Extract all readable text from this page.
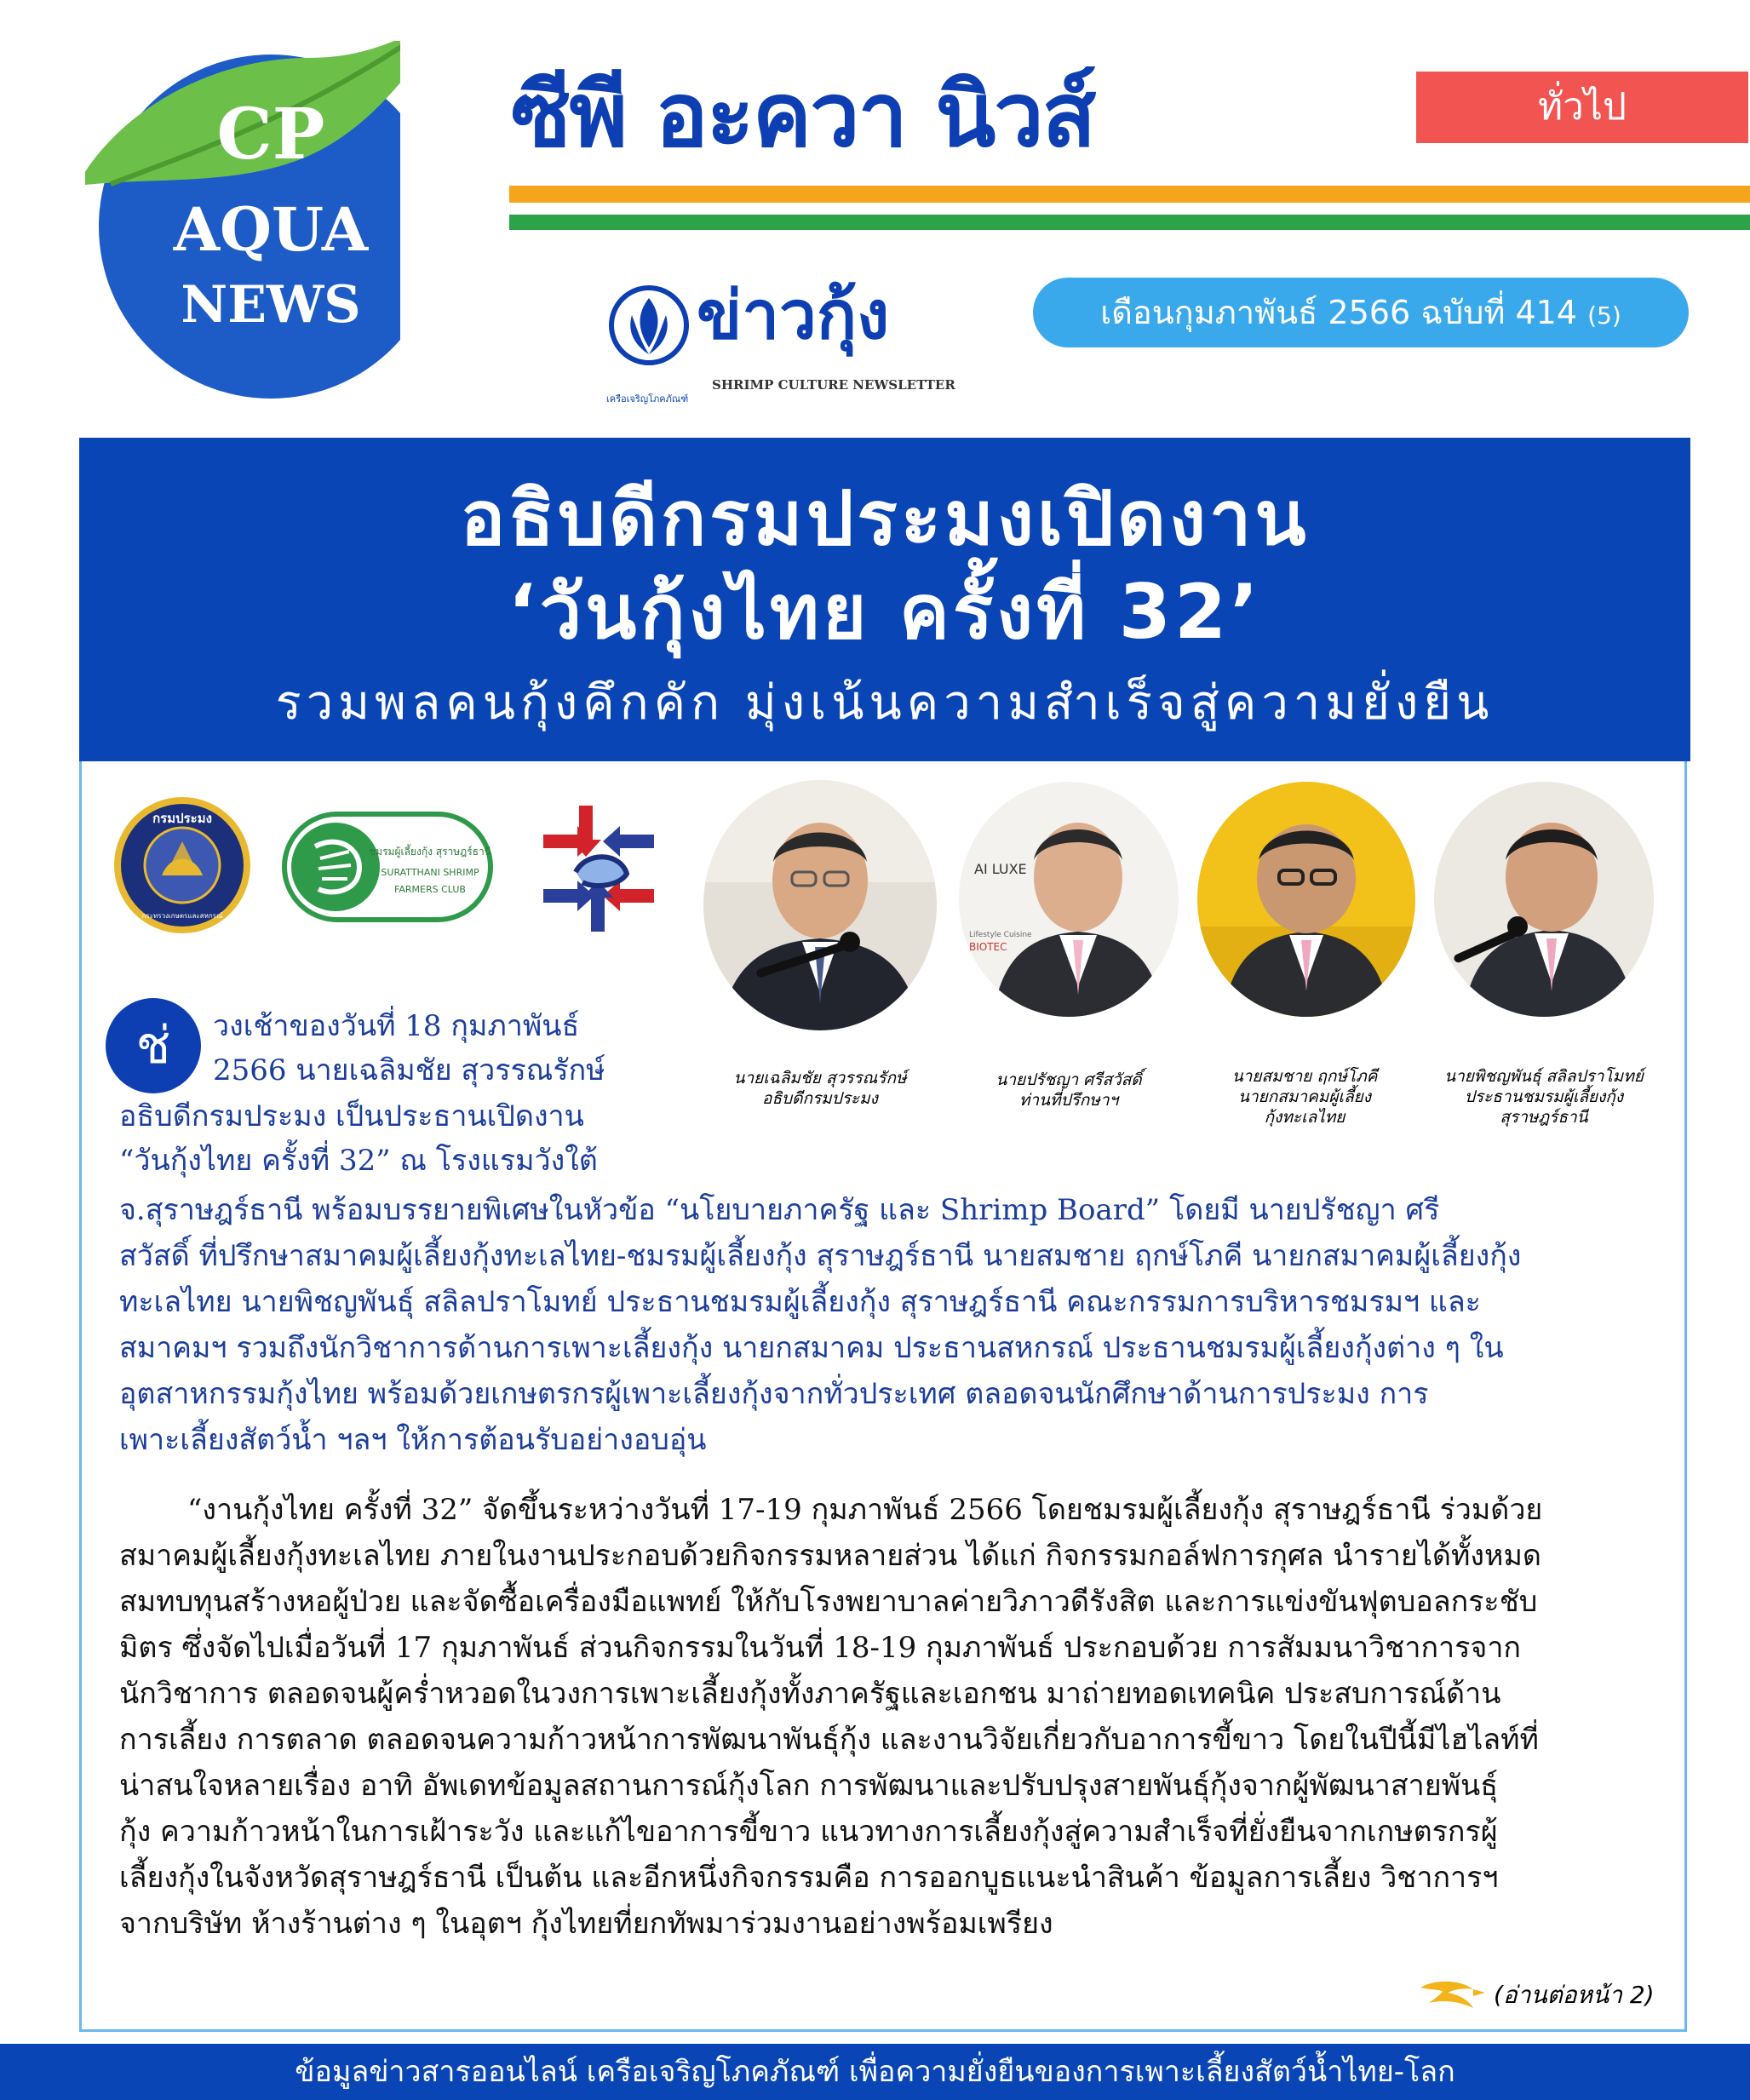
CP
AQUA
NEWS
ซีพี อะควา นิวส์	ทั่วไป
เครือเจริญโภคภัณฑ์
ข่าวกุ้ง
SHRIMP CULTURE NEWSLETTER
เดือนกุมภาพันธ์ 2566 ฉบับที่ 414 (5)
อธิบดีกรมประมงเปิดงาน
‘วันกุ้งไทย ครั้งที่ 32’
รวมพลคนกุ้งคึกคัก มุ่งเน้นความสำเร็จสู่ความยั่งยืน
กรมประมง
กระทรวงเกษตรและสหกรณ์
ชมรมผู้เลี้ยงกุ้ง สุราษฎร์ธานี
SURATTHANI SHRIMP
FARMERS CLUB
AI LUXE
Lifestyle Cuisine
BIOTEC
นายเฉลิมชัย สุวรรณรักษ์
อธิบดีกรมประมง
นายปรัชญา ศรีสวัสดิ์
ท่านที่ปรึกษาฯ
นายสมชาย ฤกษ์โภคี
นายกสมาคมผู้เลี้ยง
กุ้งทะเลไทย
นายพิชญพันธุ์ สลิลปราโมทย์
ประธานชมรมผู้เลี้ยงกุ้ง
สุราษฎร์ธานี
ช่	วงเช้าของวันที่ 18 กุมภาพันธ์
2566 นายเฉลิมชัย สุวรรณรักษ์
อธิบดีกรมประมง เป็นประธานเปิดงาน
“วันกุ้งไทย ครั้งที่ 32” ณ โรงแรมวังใต้
จ.สุราษฎร์ธานี พร้อมบรรยายพิเศษในหัวข้อ “นโยบายภาครัฐ และ Shrimp Board” โดยมี นายปรัชญา ศรี
สวัสดิ์ ที่ปรึกษาสมาคมผู้เลี้ยงกุ้งทะเลไทย-ชมรมผู้เลี้ยงกุ้ง สุราษฎร์ธานี นายสมชาย ฤกษ์โภคี นายกสมาคมผู้เลี้ยงกุ้ง
ทะเลไทย นายพิชญพันธุ์ สลิลปราโมทย์ ประธานชมรมผู้เลี้ยงกุ้ง สุราษฎร์ธานี คณะกรรมการบริหารชมรมฯ และ
สมาคมฯ รวมถึงนักวิชาการด้านการเพาะเลี้ยงกุ้ง นายกสมาคม ประธานสหกรณ์ ประธานชมรมผู้เลี้ยงกุ้งต่าง ๆ ใน
อุตสาหกรรมกุ้งไทย พร้อมด้วยเกษตรกรผู้เพาะเลี้ยงกุ้งจากทั่วประเทศ ตลอดจนนักศึกษาด้านการประมง การ
เพาะเลี้ยงสัตว์น้ำ ฯลฯ ให้การต้อนรับอย่างอบอุ่น
“งานกุ้งไทย ครั้งที่ 32” จัดขึ้นระหว่างวันที่ 17-19 กุมภาพันธ์ 2566 โดยชมรมผู้เลี้ยงกุ้ง สุราษฎร์ธานี ร่วมด้วย
สมาคมผู้เลี้ยงกุ้งทะเลไทย ภายในงานประกอบด้วยกิจกรรมหลายส่วน ได้แก่ กิจกรรมกอล์ฟการกุศล นำรายได้ทั้งหมด
สมทบทุนสร้างหอผู้ป่วย และจัดซื้อเครื่องมือแพทย์ ให้กับโรงพยาบาลค่ายวิภาวดีรังสิต และการแข่งขันฟุตบอลกระชับ
มิตร ซึ่งจัดไปเมื่อวันที่ 17 กุมภาพันธ์ ส่วนกิจกรรมในวันที่ 18-19 กุมภาพันธ์ ประกอบด้วย การสัมมนาวิชาการจาก
นักวิชาการ ตลอดจนผู้คร่ำหวอดในวงการเพาะเลี้ยงกุ้งทั้งภาครัฐและเอกชน มาถ่ายทอดเทคนิค ประสบการณ์ด้าน
การเลี้ยง การตลาด ตลอดจนความก้าวหน้าการพัฒนาพันธุ์กุ้ง และงานวิจัยเกี่ยวกับอาการขี้ขาว โดยในปีนี้มีไฮไลท์ที่
น่าสนใจหลายเรื่อง อาทิ อัพเดทข้อมูลสถานการณ์กุ้งโลก การพัฒนาและปรับปรุงสายพันธุ์กุ้งจากผู้พัฒนาสายพันธุ์
กุ้ง ความก้าวหน้าในการเฝ้าระวัง และแก้ไขอาการขี้ขาว แนวทางการเลี้ยงกุ้งสู่ความสำเร็จที่ยั่งยืนจากเกษตรกรผู้
เลี้ยงกุ้งในจังหวัดสุราษฎร์ธานี เป็นต้น และอีกหนึ่งกิจกรรมคือ การออกบูธแนะนำสินค้า ข้อมูลการเลี้ยง วิชาการฯ
จากบริษัท ห้างร้านต่าง ๆ ในอุตฯ กุ้งไทยที่ยกทัพมาร่วมงานอย่างพร้อมเพรียง
(อ่านต่อหน้า 2)
ข้อมูลข่าวสารออนไลน์ เครือเจริญโภคภัณฑ์ เพื่อความยั่งยืนของการเพาะเลี้ยงสัตว์น้ำไทย-โลก
